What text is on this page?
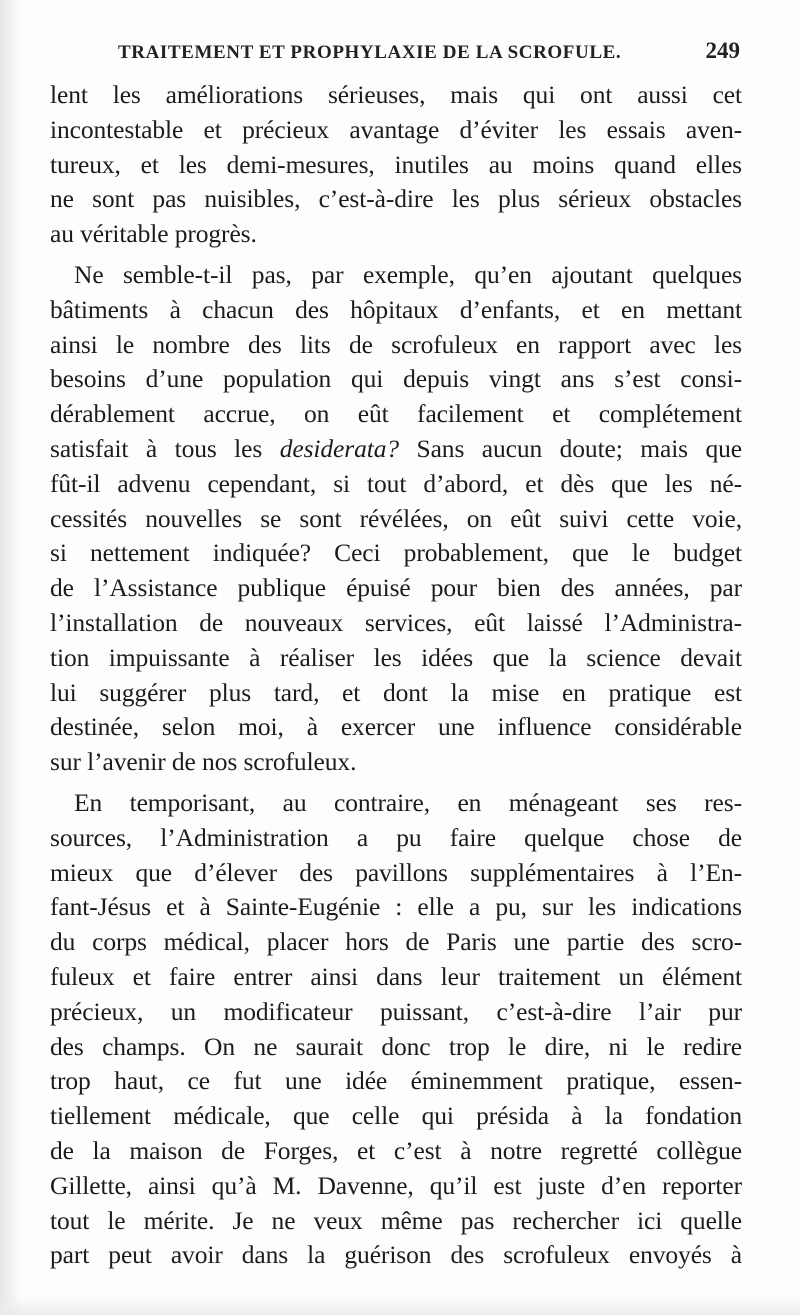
TRAITEMENT ET PROPHYLAXIE DE LA SCROFULE.	249
lent les améliorations sérieuses, mais qui ont aussi cet
incontestable et précieux avantage d’éviter les essais aven-
tureux, et les demi-mesures, inutiles au moins quand elles
ne sont pas nuisibles, c’est-à-dire les plus sérieux obstacles
au véritable progrès.
Ne semble-t-il pas, par exemple, qu’en ajoutant quelques
bâtiments à chacun des hôpitaux d’enfants, et en mettant
ainsi le nombre des lits de scrofuleux en rapport avec les
besoins d’une population qui depuis vingt ans s’est consi-
dérablement accrue, on eût facilement et complétement
satisfait à tous les desiderata? Sans aucun doute; mais que
fût-il advenu cependant, si tout d’abord, et dès que les né-
cessités nouvelles se sont révélées, on eût suivi cette voie,
si nettement indiquée? Ceci probablement, que le budget
de l’Assistance publique épuisé pour bien des années, par
l’installation de nouveaux services, eût laissé l’Administra-
tion impuissante à réaliser les idées que la science devait
lui suggérer plus tard, et dont la mise en pratique est
destinée, selon moi, à exercer une influence considérable
sur l’avenir de nos scrofuleux.
En temporisant, au contraire, en ménageant ses res-
sources, l’Administration a pu faire quelque chose de
mieux que d’élever des pavillons supplémentaires à l’En-
fant-Jésus et à Sainte-Eugénie : elle a pu, sur les indications
du corps médical, placer hors de Paris une partie des scro-
fuleux et faire entrer ainsi dans leur traitement un élément
précieux, un modificateur puissant, c’est-à-dire l’air pur
des champs. On ne saurait donc trop le dire, ni le redire
trop haut, ce fut une idée éminemment pratique, essen-
tiellement médicale, que celle qui présida à la fondation
de la maison de Forges, et c’est à notre regretté collègue
Gillette, ainsi qu’à M. Davenne, qu’il est juste d’en reporter
tout le mérite. Je ne veux même pas rechercher ici quelle
part peut avoir dans la guérison des scrofuleux envoyés à
